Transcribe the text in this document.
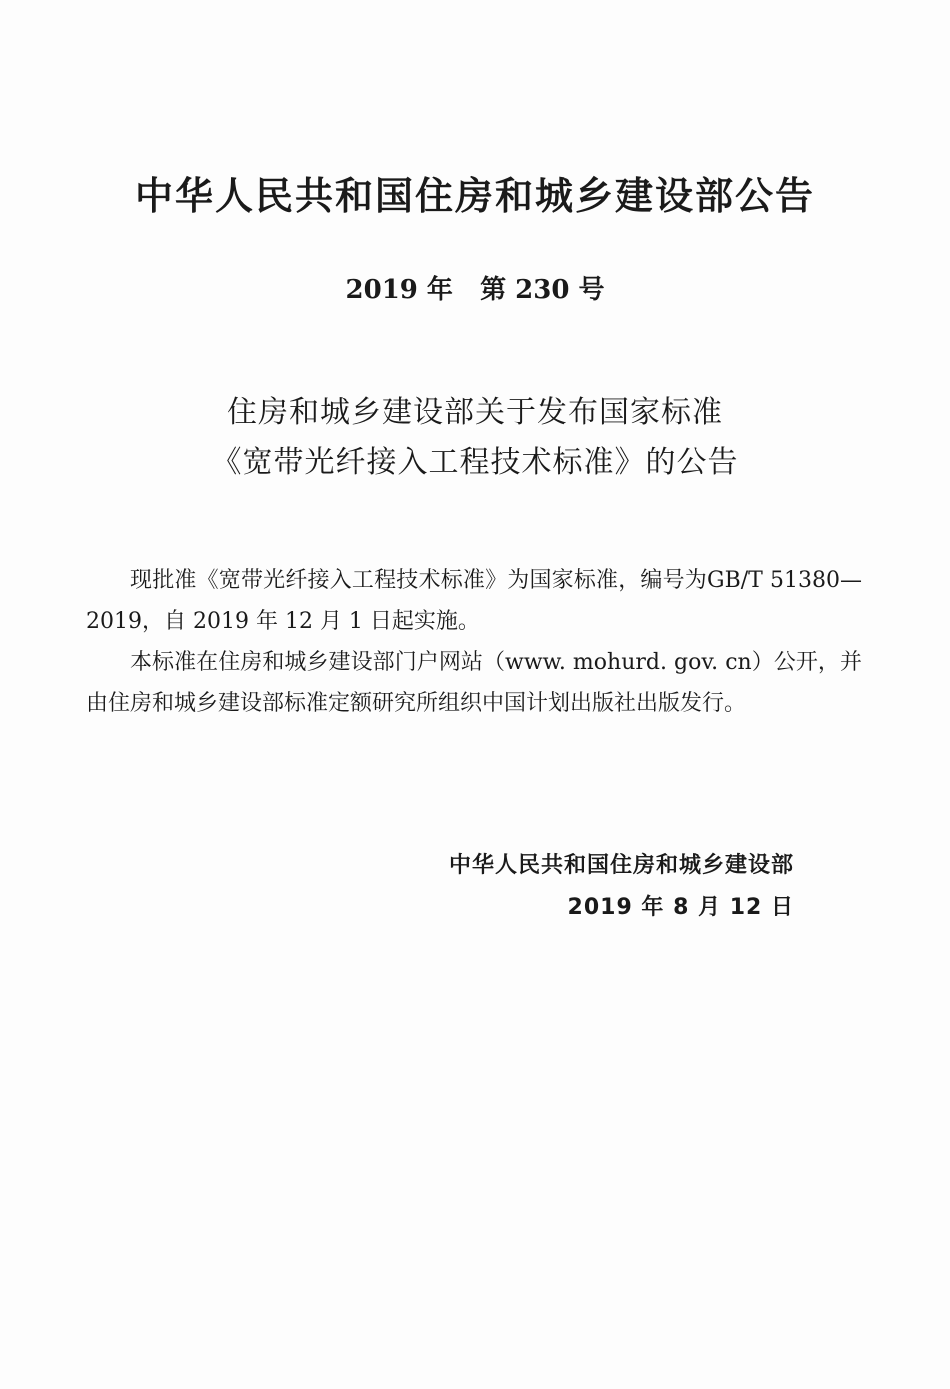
中华人民共和国住房和城乡建设部公告
2019 年   第 230 号
住房和城乡建设部关于发布国家标准
《宽带光纤接入工程技术标准》的公告

现批准《宽带光纤接入工程技术标准》为国家标准，编号为GB/T 51380—2019，自 2019 年 12 月 1 日起实施。

本标准在住房和城乡建设部门户网站（www. mohurd. gov. cn）公开，并由住房和城乡建设部标准定额研究所组织中国计划出版社出版发行。

中华人民共和国住房和城乡建设部
2019 年 8 月 12 日
